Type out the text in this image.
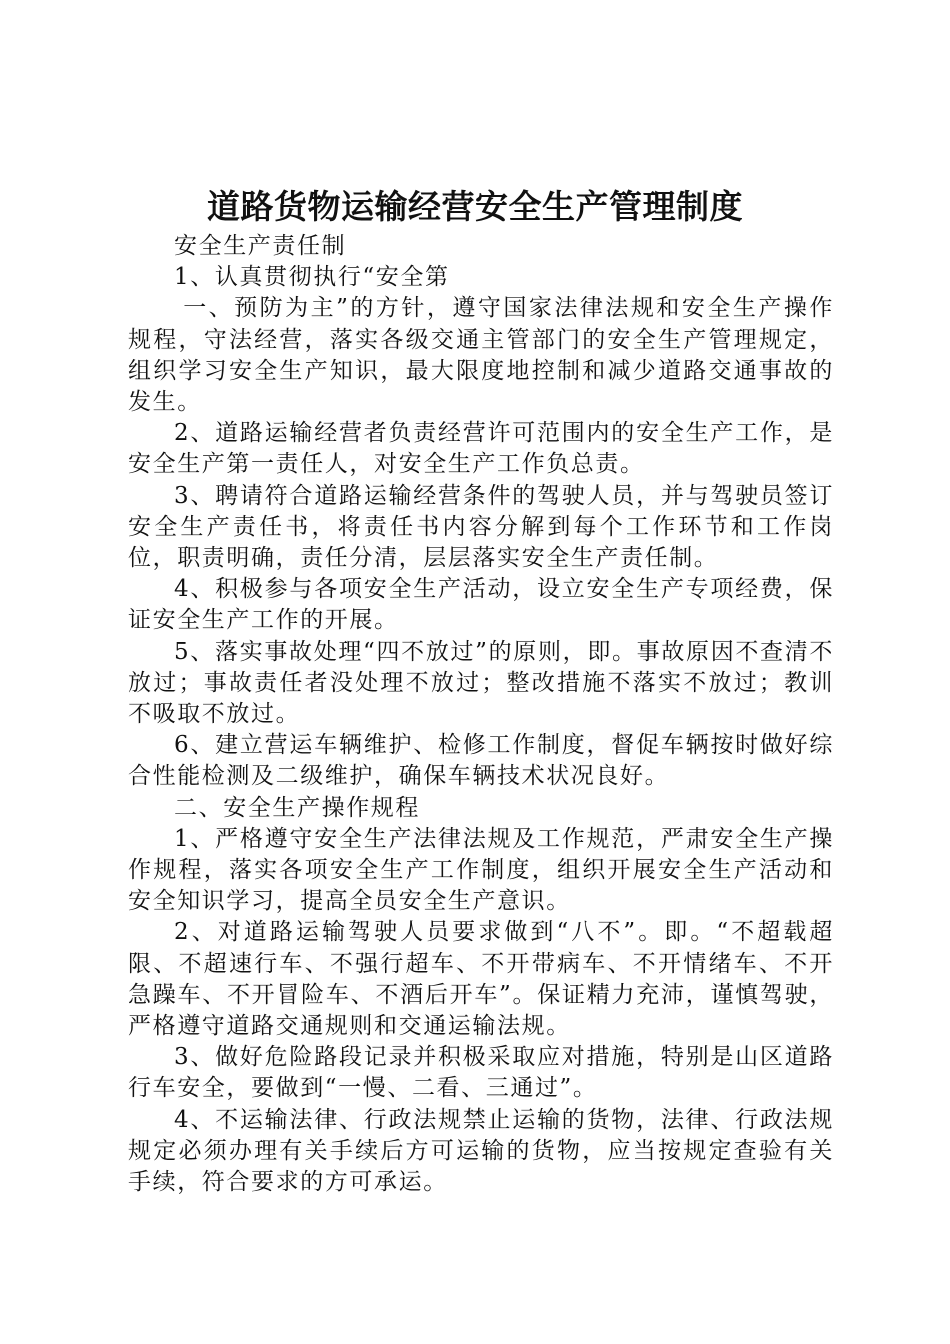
道路货物运输经营安全生产管理制度

安全生产责任制

1、认真贯彻执行“安全第

一、预防为主”的方针，遵守国家法律法规和安全生产操作规程，守法经营，落实各级交通主管部门的安全生产管理规定，组织学习安全生产知识，最大限度地控制和减少道路交通事故的发生。

2、道路运输经营者负责经营许可范围内的安全生产工作，是安全生产第一责任人，对安全生产工作负总责。

3、聘请符合道路运输经营条件的驾驶人员，并与驾驶员签订安全生产责任书，将责任书内容分解到每个工作环节和工作岗位，职责明确，责任分清，层层落实安全生产责任制。

4、积极参与各项安全生产活动，设立安全生产专项经费，保证安全生产工作的开展。

5、落实事故处理“四不放过”的原则，即。事故原因不查清不放过；事故责任者没处理不放过；整改措施不落实不放过；教训不吸取不放过。

6、建立营运车辆维护、检修工作制度，督促车辆按时做好综合性能检测及二级维护，确保车辆技术状况良好。

二、安全生产操作规程

1、严格遵守安全生产法律法规及工作规范，严肃安全生产操作规程，落实各项安全生产工作制度，组织开展安全生产活动和安全知识学习，提高全员安全生产意识。

2、对道路运输驾驶人员要求做到“八不”。即。“不超载超限、不超速行车、不强行超车、不开带病车、不开情绪车、不开急躁车、不开冒险车、不酒后开车”。保证精力充沛，谨慎驾驶，严格遵守道路交通规则和交通运输法规。

3、做好危险路段记录并积极采取应对措施，特别是山区道路行车安全，要做到“一慢、二看、三通过”。

4、不运输法律、行政法规禁止运输的货物，法律、行政法规规定必须办理有关手续后方可运输的货物，应当按规定查验有关手续，符合要求的方可承运。
